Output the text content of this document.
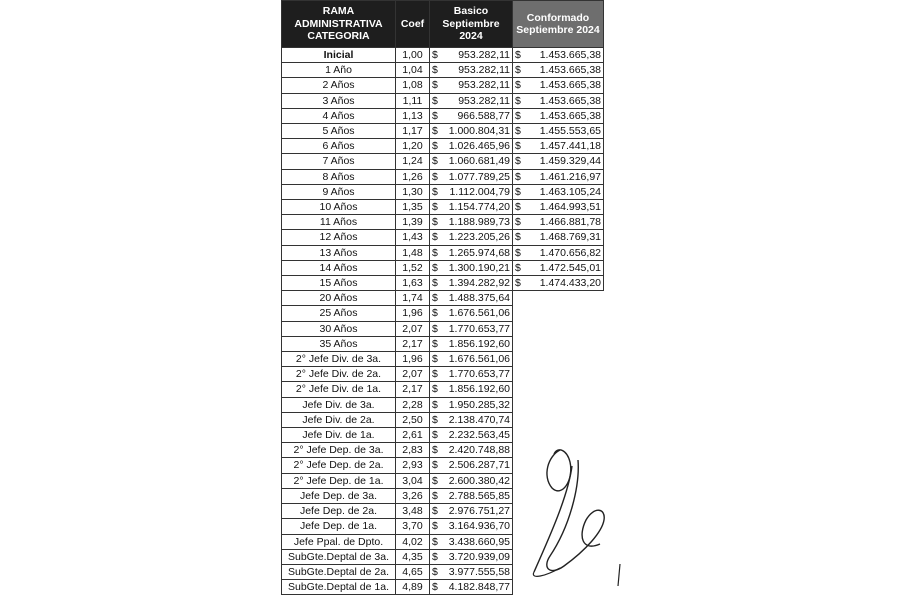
RAMA ADMINISTRATIVA CATEGORIA	Coef	Basico Septiembre 2024	Conformado Septiembre 2024
Inicial	1,00	$ 953.282,11	$ 1.453.665,38
1 Año	1,04	$ 953.282,11	$ 1.453.665,38
2 Años	1,08	$ 953.282,11	$ 1.453.665,38
3 Años	1,11	$ 953.282,11	$ 1.453.665,38
4 Años	1,13	$ 966.588,77	$ 1.453.665,38
5 Años	1,17	$ 1.000.804,31	$ 1.455.553,65
6 Años	1,20	$ 1.026.465,96	$ 1.457.441,18
7 Años	1,24	$ 1.060.681,49	$ 1.459.329,44
8 Años	1,26	$ 1.077.789,25	$ 1.461.216,97
9 Años	1,30	$ 1.112.004,79	$ 1.463.105,24
10 Años	1,35	$ 1.154.774,20	$ 1.464.993,51
11 Años	1,39	$ 1.188.989,73	$ 1.466.881,78
12 Años	1,43	$ 1.223.205,26	$ 1.468.769,31
13 Años	1,48	$ 1.265.974,68	$ 1.470.656,82
14 Años	1,52	$ 1.300.190,21	$ 1.472.545,01
15 Años	1,63	$ 1.394.282,92	$ 1.474.433,20
20 Años	1,74	$ 1.488.375,64	
25 Años	1,96	$ 1.676.561,06	
30 Años	2,07	$ 1.770.653,77	
35 Años	2,17	$ 1.856.192,60	
2° Jefe Div. de 3a.	1,96	$ 1.676.561,06	
2° Jefe Div. de 2a.	2,07	$ 1.770.653,77	
2° Jefe Div. de 1a.	2,17	$ 1.856.192,60	
Jefe Div. de 3a.	2,28	$ 1.950.285,32	
Jefe Div. de 2a.	2,50	$ 2.138.470,74	
Jefe Div. de 1a.	2,61	$ 2.232.563,45	
2° Jefe Dep. de 3a.	2,83	$ 2.420.748,88	
2° Jefe Dep. de 2a.	2,93	$ 2.506.287,71	
2° Jefe Dep. de 1a.	3,04	$ 2.600.380,42	
Jefe Dep. de 3a.	3,26	$ 2.788.565,85	
Jefe Dep. de 2a.	3,48	$ 2.976.751,27	
Jefe Dep. de 1a.	3,70	$ 3.164.936,70	
Jefe Ppal. de Dpto.	4,02	$ 3.438.660,95	
SubGte.Deptal de 3a.	4,35	$ 3.720.939,09	
SubGte.Deptal de 2a.	4,65	$ 3.977.555,58	
SubGte.Deptal de 1a.	4,89	$ 4.182.848,77	
